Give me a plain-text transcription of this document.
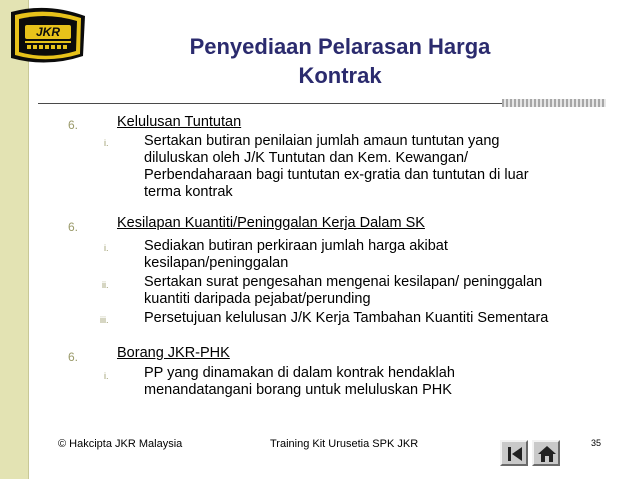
JKR
Penyediaan Pelarasan Harga
Kontrak
6.	Kelulusan Tuntutan
i. Sertakan butiran penilaian jumlah amaun tuntutan yang
diluluskan oleh J/K Tuntutan dan Kem. Kewangan/
Perbendaharaan bagi tuntutan ex-gratia dan tuntutan di luar
terma kontrak
6.	Kesilapan Kuantiti/Peninggalan Kerja Dalam SK
i. Sediakan butiran perkiraan jumlah harga akibat
kesilapan/peninggalan
ii. Sertakan surat pengesahan mengenai kesilapan/ peninggalan
kuantiti daripada pejabat/perunding
iii. Persetujuan kelulusan J/K Kerja Tambahan Kuantiti Sementara
6.	Borang JKR-PHK
i. PP yang dinamakan di dalam kontrak hendaklah
menandatangani borang untuk meluluskan PHK
© Hakcipta JKR Malaysia	Training Kit Urusetia SPK JKR	35
